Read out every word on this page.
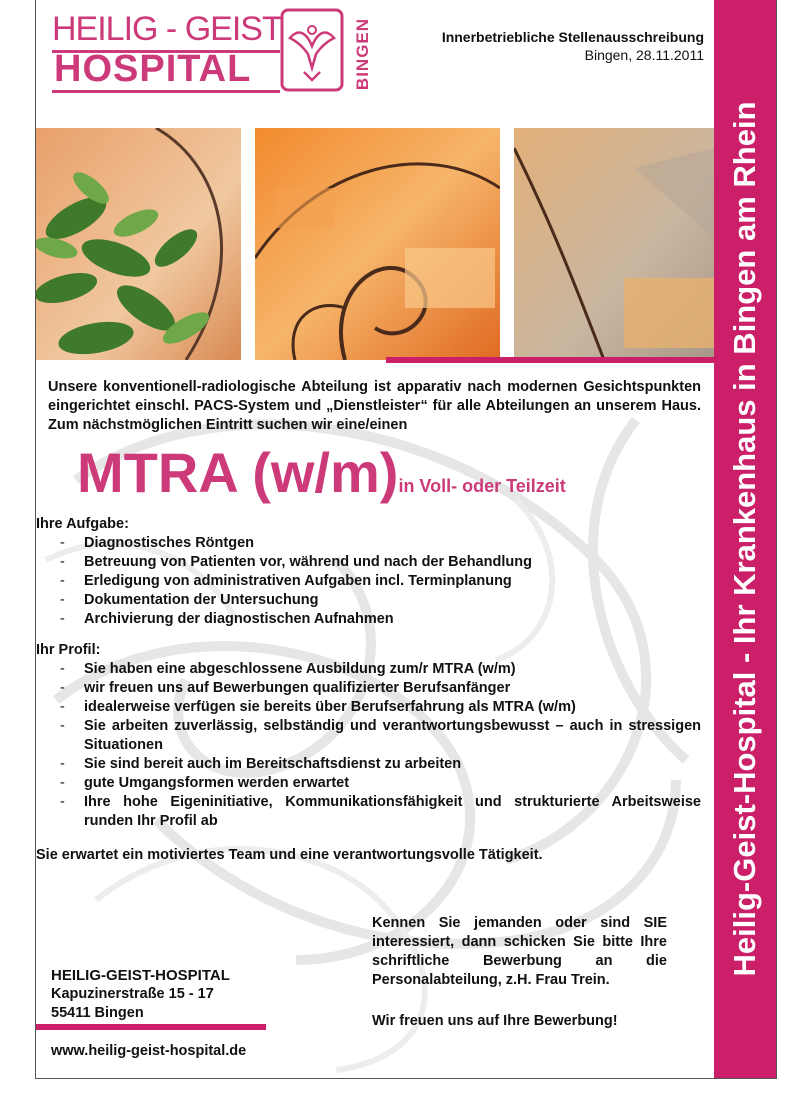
HEILIG - GEIST
HOSPITAL	BINGEN	Innerbetriebliche Stellenausschreibung
Bingen, 28.11.2011
Heilig-Geist-Hospital - Ihr Krankenhaus in Bingen am Rhein
Unsere konventionell-radiologische Abteilung ist apparativ nach modernen Gesichtspunkten eingerichtet einschl. PACS-System und „Dienstleister“ für alle Abteilungen an unserem Haus. Zum nächstmöglichen Eintritt suchen wir eine/einen
MTRA (w/m)in Voll- oder Teilzeit
Ihre Aufgabe:
- Diagnostisches Röntgen
- Betreuung von Patienten vor, während und nach der Behandlung
- Erledigung von administrativen Aufgaben incl. Terminplanung
- Dokumentation der Untersuchung
- Archivierung der diagnostischen Aufnahmen
Ihr Profil:
- Sie haben eine abgeschlossene Ausbildung zum/r MTRA (w/m)
- wir freuen uns auf Bewerbungen qualifizierter Berufsanfänger
- idealerweise verfügen sie bereits über Berufserfahrung als MTRA (w/m)
- Sie arbeiten zuverlässig, selbständig und verantwortungsbewusst – auch in stressigen Situationen
- Sie sind bereit auch im Bereitschaftsdienst zu arbeiten
- gute Umgangsformen werden erwartet
- Ihre hohe Eigeninitiative, Kommunikationsfähigkeit und strukturierte Arbeitsweise runden Ihr Profil ab
Sie erwartet ein motiviertes Team und eine verantwortungsvolle Tätigkeit.
Kennen Sie jemanden oder sind SIE interessiert, dann schicken Sie bitte Ihre schriftliche Bewerbung an die Personalabteilung, z.H. Frau Trein.
Wir freuen uns auf Ihre Bewerbung!
HEILIG-GEIST-HOSPITAL
Kapuzinerstraße 15 - 17
55411 Bingen
www.heilig-geist-hospital.de
